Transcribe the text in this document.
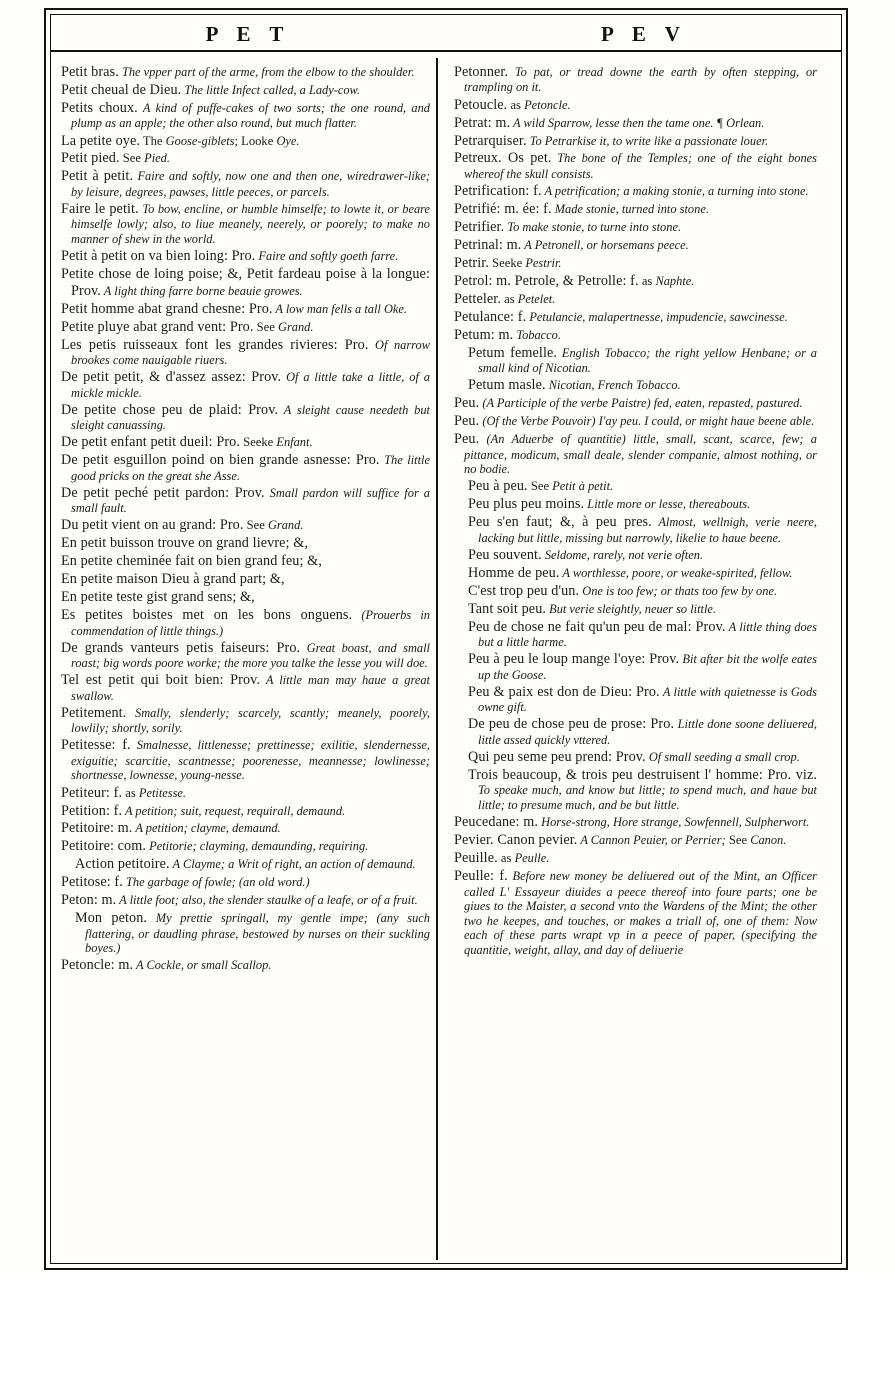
P E T	P E V

Petit bras. The vpper part of the arme, from the elbow to the shoulder.

Petit cheual de Dieu. The little Infect called, a Lady-cow.

Petits choux. A kind of puffe-cakes of two sorts; the one round, and plump as an apple; the other also round, but much flatter.

La petite oye. The Goose-giblets; Looke Oye.

Petit pied. See Pied.

Petit à petit. Faire and softly, now one and then one, wiredrawer-like; by leisure, degrees, pawses, little peeces, or parcels.

Faire le petit. To bow, encline, or humble himselfe; to lowte it, or beare himselfe lowly; also, to liue meanely, neerely, or poorely; to make no manner of shew in the world.

Petit à petit on va bien loing: Pro. Faire and softly goeth farre.

Petite chose de loing poise; &, Petit fardeau poise à la longue: Prov. A light thing farre borne beauie growes.

Petit homme abat grand chesne: Pro. A low man fells a tall Oke.

Petite pluye abat grand vent: Pro. See Grand.

Les petis ruisseaux font les grandes rivieres: Pro. Of narrow brookes come nauigable riuers.

De petit petit, & d'assez assez: Prov. Of a little take a little, of a mickle mickle.

De petite chose peu de plaid: Prov. A sleight cause needeth but sleight canuassing.

De petit enfant petit dueil: Pro. Seeke Enfant.

De petit esguillon poind on bien grande asnesse: Pro. The little good pricks on the great she Asse.

De petit peché petit pardon: Prov. Small pardon will suffice for a small fault.

Du petit vient on au grand: Pro. See Grand.

En petit buisson trouve on grand lievre; &,

En petite cheminée fait on bien grand feu; &,

En petite maison Dieu à grand part; &,

En petite teste gist grand sens; &,

Es petites boistes met on les bons onguens. (Prouerbs in commendation of little things.)

De grands vanteurs petis faiseurs: Pro. Great boast, and small roast; big words poore worke; the more you talke the lesse you will doe.

Tel est petit qui boit bien: Prov. A little man may haue a great swallow.

Petitement. Smally, slenderly; scarcely, scantly; meanely, poorely, lowlily; shortly, sorily.

Petitesse: f. Smalnesse, littlenesse; prettinesse; exilitie, slendernesse, exiguitie; scarcitie, scantnesse; poorenesse, meannesse; lowlinesse; shortnesse, lownesse, young-nesse.

Petiteur: f. as Petitesse.

Petition: f. A petition; suit, request, requirall, demaund.

Petitoire: m. A petition; clayme, demaund.

Petitoire: com. Petitorie; clayming, demaunding, requiring.

Action petitoire. A Clayme; a Writ of right, an action of demaund.

Petitose: f. The garbage of fowle; (an old word.)

Peton: m. A little foot; also, the slender staulke of a leafe, or of a fruit.

Mon peton. My prettie springall, my gentle impe; (any such flattering, or daudling phrase, bestowed by nurses on their suckling boyes.)

Petoncle: m. A Cockle, or small Scallop.

Petonner. To pat, or tread downe the earth by often stepping, or trampling on it.

Petoucle. as Petoncle.

Petrat: m. A wild Sparrow, lesse then the tame one. ¶ Orlean.

Petrarquiser. To Petrarkise it, to write like a passionate louer.

Petreux. Os pet. The bone of the Temples; one of the eight bones whereof the skull consists.

Petrification: f. A petrification; a making stonie, a turning into stone.

Petrifié: m. ée: f. Made stonie, turned into stone.

Petrifier. To make stonie, to turne into stone.

Petrinal: m. A Petronell, or horsemans peece.

Petrir. Seeke Pestrir.

Petrol: m. Petrole, & Petrolle: f. as Naphte.

Petteler. as Petelet.

Petulance: f. Petulancie, malapertnesse, impudencie, sawcinesse.

Petum: m. Tobacco.

Petum femelle. English Tobacco; the right yellow Henbane; or a small kind of Nicotian.

Petum masle. Nicotian, French Tobacco.

Peu. (A Participle of the verbe Paistre) fed, eaten, repasted, pastured.

Peu. (Of the Verbe Pouvoir) I'ay peu. I could, or might haue beene able.

Peu. (An Aduerbe of quantitie) little, small, scant, scarce, few; a pittance, modicum, small deale, slender companie, almost nothing, or no bodie.

Peu à peu. See Petit à petit.

Peu plus peu moins. Little more or lesse, thereabouts.

Peu s'en faut; &, à peu pres. Almost, wellnigh, verie neere, lacking but little, missing but narrowly, likelie to haue beene.

Peu souvent. Seldome, rarely, not verie often.

Homme de peu. A worthlesse, poore, or weake-spirited, fellow.

C'est trop peu d'un. One is too few; or thats too few by one.

Tant soit peu. But verie sleightly, neuer so little.

Peu de chose ne fait qu'un peu de mal: Prov. A little thing does but a little harme.

Peu à peu le loup mange l'oye: Prov. Bit after bit the wolfe eates up the Goose.

Peu & paix est don de Dieu: Pro. A little with quietnesse is Gods owne gift.

De peu de chose peu de prose: Pro. Little done soone deliuered, little assed quickly vttered.

Qui peu seme peu prend: Prov. Of small seeding a small crop.

Trois beaucoup, & trois peu destruisent l' homme: Pro. viz. To speake much, and know but little; to spend much, and haue but little; to presume much, and be but little.

Peucedane: m. Horse-strong, Hore strange, Sowfennell, Sulpherwort.

Pevier. Canon pevier. A Cannon Peuier, or Perrier; See Canon.

Peuille. as Peulle.

Peulle: f. Before new money be deliuered out of the Mint, an Officer called L' Essayeur diuides a peece thereof into foure parts; one be giues to the Maister, a second vnto the Wardens of the Mint; the other two he keepes, and touches, or makes a triall of, one of them: Now each of these parts wrapt vp in a peece of paper, (specifying the quantitie, weight, allay, and day of deliuerie
